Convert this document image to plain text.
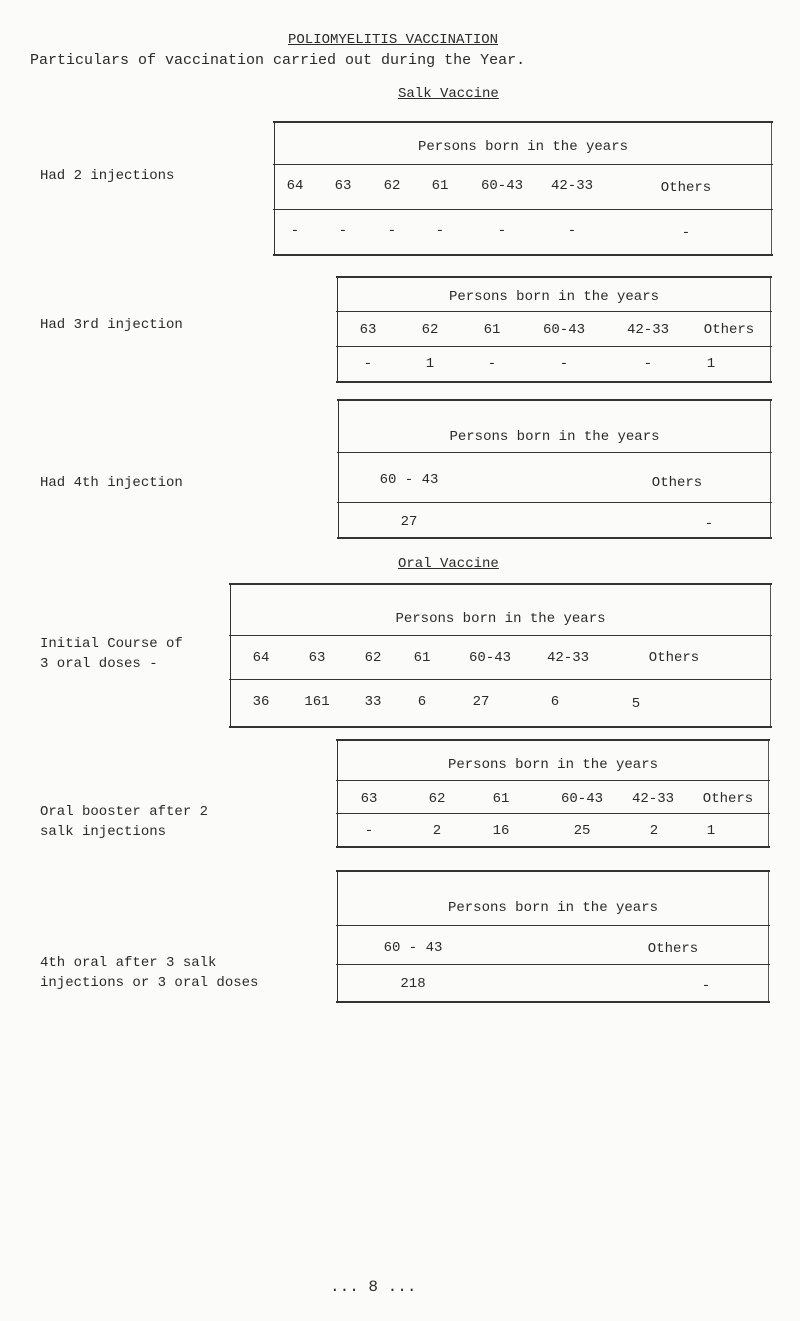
POLIOMYELITIS VACCINATION
Particulars of vaccination carried out during the Year.
Salk Vaccine
Had 2 injections
Persons born in the years
64 63 62 61 60-43 42-33	Others
-	-	-	-	-	-	-
Had 3rd injection
Persons born in the years
63	62	61	60-43	42-33 Others
-	1	-	-	-	1
Had 4th injection
Persons born in the years
60 - 43	Others
27	-
Oral Vaccine
Initial Course of
3 oral doses -
Persons born in the years
64	63	62 61	60-43	42-33	Others
36 161 33	6	27	6	5
Oral booster after 2
salk injections
Persons born in the years
63	62	61	60-43 42-33 Others
-	2	16	25	2	1
4th oral after 3 salk
injections or 3 oral doses
Persons born in the years
60 - 43	Others
218	-
... 8 ...
